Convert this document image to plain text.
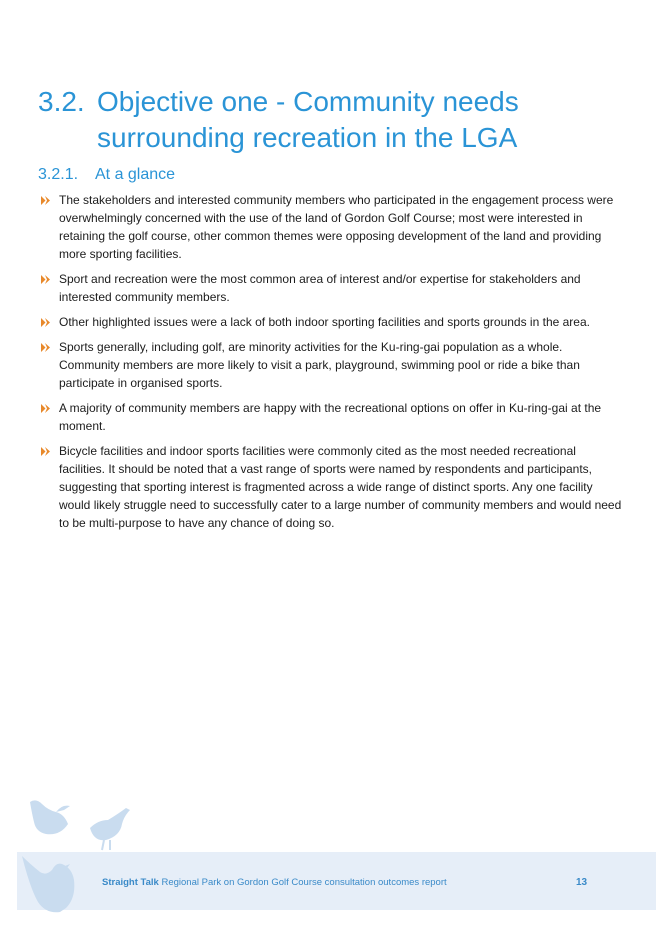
3.2. Objective one - Community needs surrounding recreation in the LGA
3.2.1.	At a glance
The stakeholders and interested community members who participated in the engagement process were overwhelmingly concerned with the use of the land of Gordon Golf Course; most were interested in retaining the golf course, other common themes were opposing development of the land and providing more sporting facilities.
Sport and recreation were the most common area of interest and/or expertise for stakeholders and interested community members.
Other highlighted issues were a lack of both indoor sporting facilities and sports grounds in the area.
Sports generally, including golf, are minority activities for the Ku-ring-gai population as a whole. Community members are more likely to visit a park, playground, swimming pool or ride a bike than participate in organised sports.
A majority of community members are happy with the recreational options on offer in Ku-ring-gai at the moment.
Bicycle facilities and indoor sports facilities were commonly cited as the most needed recreational facilities. It should be noted that a vast range of sports were named by respondents and participants, suggesting that sporting interest is fragmented across a wide range of distinct sports. Any one facility would likely struggle need to successfully cater to a large number of community members and would need to be multi-purpose to have any chance of doing so.
Straight Talk Regional Park on Gordon Golf Course consultation outcomes report	13
